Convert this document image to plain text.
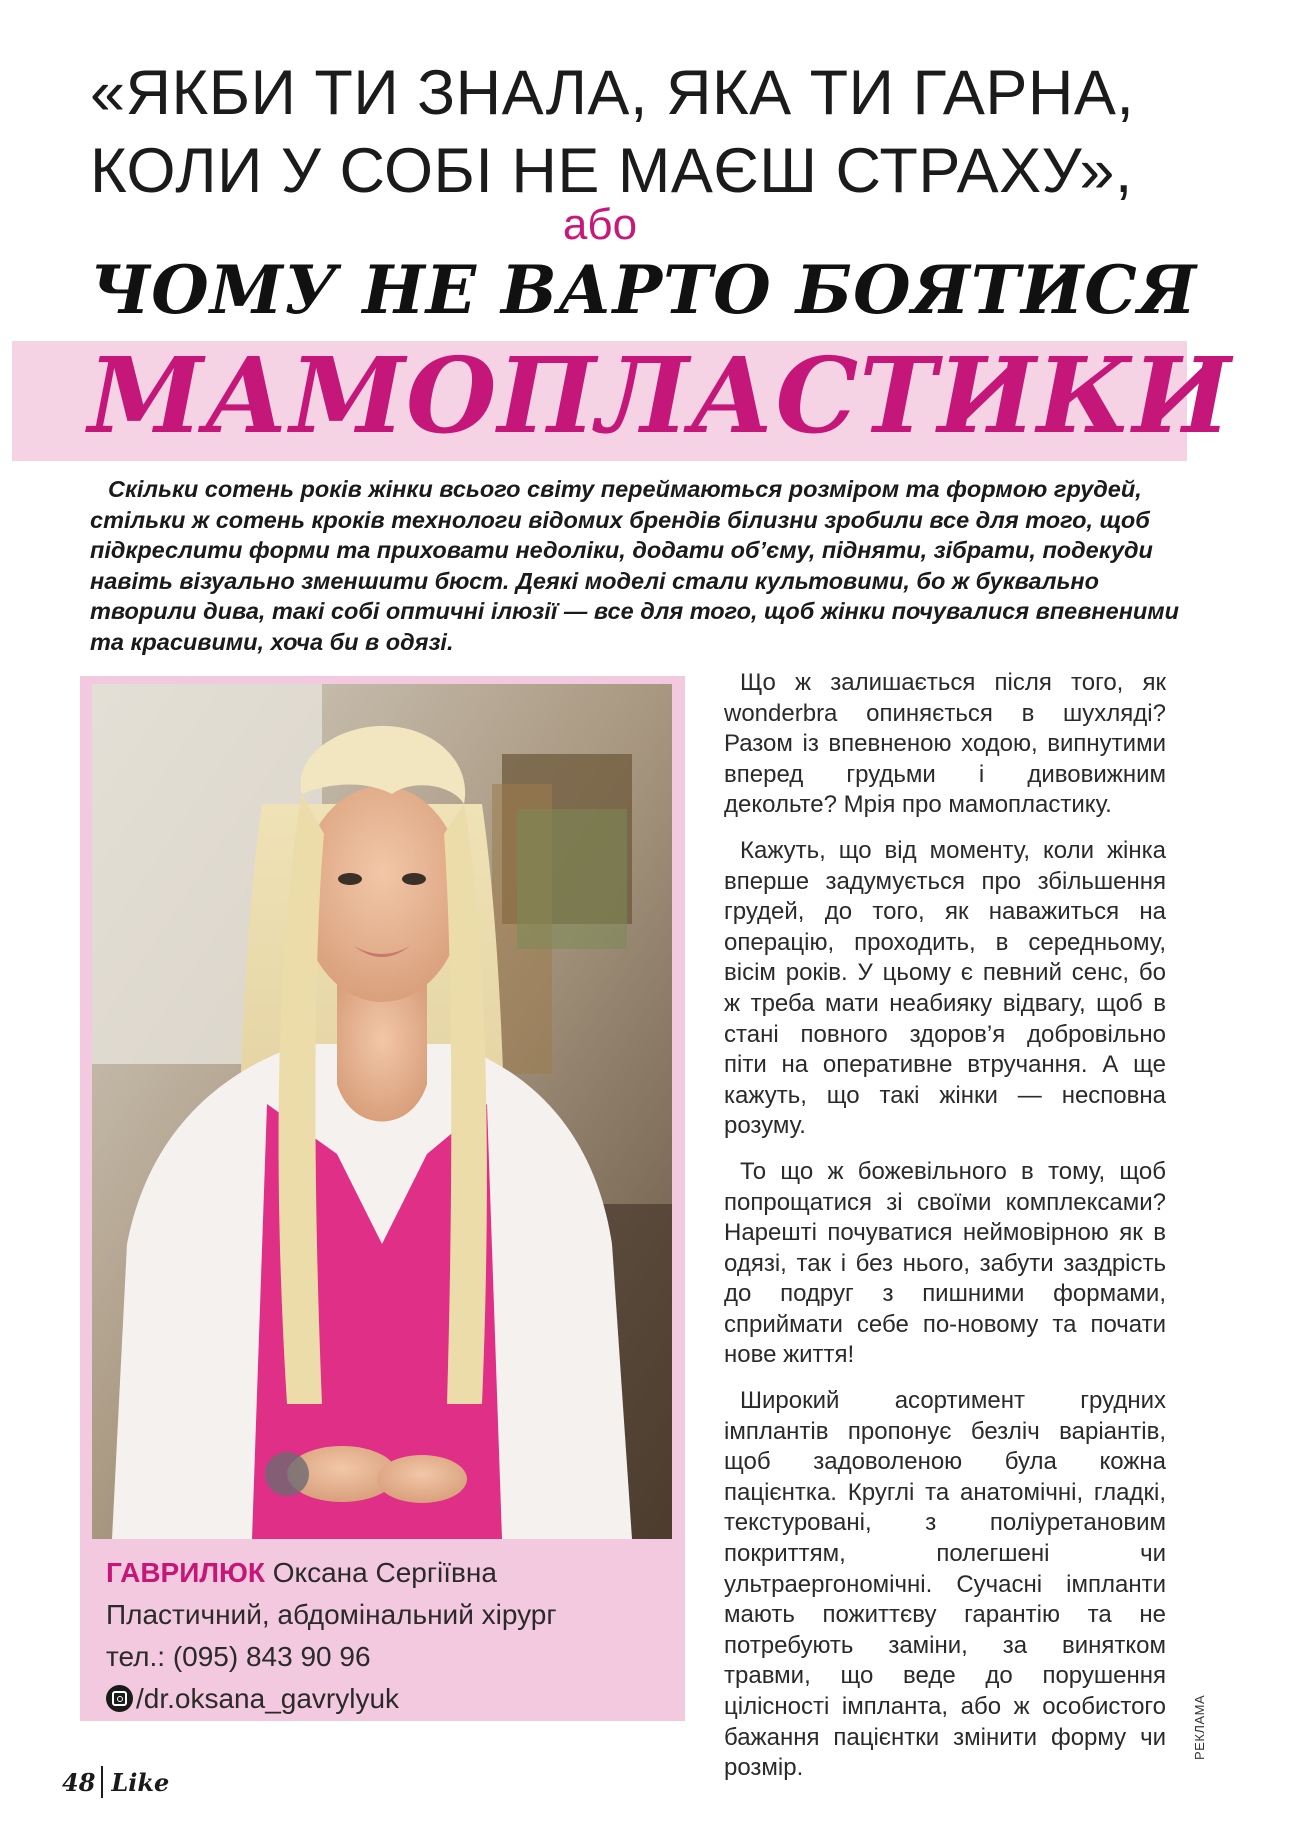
«ЯКБИ ТИ ЗНАЛА, ЯКА ТИ ГАРНА,
КОЛИ У СОБІ НЕ МАЄШ СТРАХУ»,
або
ЧОМУ НЕ ВАРТО БОЯТИСЯ
МАМОПЛАСТИКИ

Скільки сотень років жінки всього світу переймаються розміром та формою грудей, стільки ж сотень кроків технологи відомих брендів білизни зробили все для того, щоб підкреслити форми та приховати недоліки, додати об’єму, підняти, зібрати, подекуди навіть візуально зменшити бюст. Деякі моделі стали культовими, бо ж буквально творили дива, такі собі оптичні ілюзії — все для того, щоб жінки почувалися впевненими та красивими, хоча би в одязі.

ГАВРИЛЮК Оксана Сергіївна
Пластичний, абдомінальний хірург
тел.: (095) 843 90 96
/dr.oksana_gavrylyuk

Що ж залишається після того, як wonderbra опиняється в шухляді? Разом із впевненою ходою, випнутими вперед грудьми і дивовижним декольте? Мрія про мамопластику.

Кажуть, що від моменту, коли жінка вперше задумується про збільшення грудей, до того, як наважиться на операцію, проходить, в середньому, вісім років. У цьому є певний сенс, бо ж треба мати неабияку відвагу, щоб в стані повного здоров’я добровільно піти на оперативне втручання. А ще кажуть, що такі жінки — несповна розуму.

То що ж божевільного в тому, щоб попрощатися зі своїми комплексами? Нарешті почуватися неймовірною як в одязі, так і без нього, забути заздрість до подруг з пишними формами, сприймати себе по-новому та почати нове життя!

Широкий асортимент грудних імплантів пропонує безліч варіантів, щоб задоволеною була кожна пацієнтка. Круглі та анатомічні, гладкі, текстуровані, з поліуретановим покриттям, полегшені чи ультраергономічні. Сучасні імпланти мають пожиттєву гарантію та не потребують заміни, за винятком травми, що веде до порушення цілісності імпланта, або ж особистого бажання пацієнтки змінити форму чи розмір.

РЕКЛАМА
48 Like
